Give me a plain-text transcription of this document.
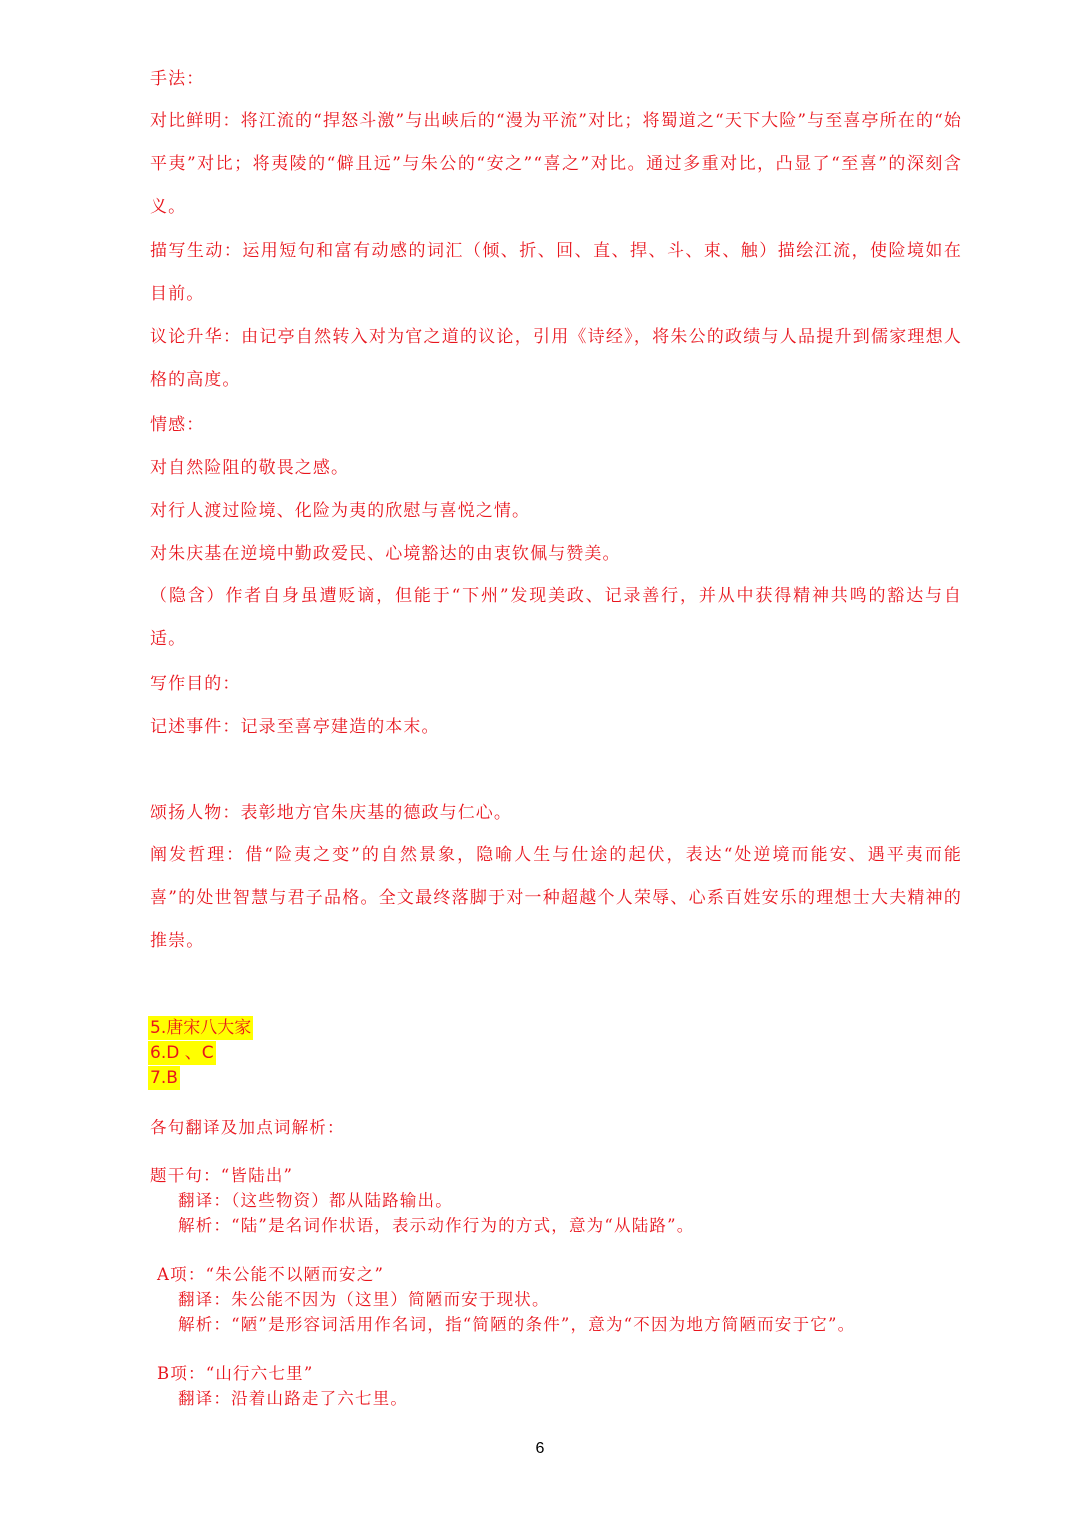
手法：
对比鲜明：将江流的“捍怒斗激”与出峡后的“漫为平流”对比；将蜀道之“天下大险”与至喜亭所在的“始平夷”对比；将夷陵的“僻且远”与朱公的“安之”“喜之”对比。通过多重对比，凸显了“至喜”的深刻含义。
描写生动：运用短句和富有动感的词汇（倾、折、回、直、捍、斗、束、触）描绘江流，使险境如在目前。
议论升华：由记亭自然转入对为官之道的议论，引用《诗经》，将朱公的政绩与人品提升到儒家理想人格的高度。
情感：
对自然险阻的敬畏之感。
对行人渡过险境、化险为夷的欣慰与喜悦之情。
对朱庆基在逆境中勤政爱民、心境豁达的由衷钦佩与赞美。
（隐含）作者自身虽遭贬谪，但能于“下州”发现美政、记录善行，并从中获得精神共鸣的豁达与自适。
写作目的：
记述事件：记录至喜亭建造的本末。
颂扬人物：表彰地方官朱庆基的德政与仁心。
阐发哲理：借“险夷之变”的自然景象，隐喻人生与仕途的起伏，表达“处逆境而能安、遇平夷而能喜”的处世智慧与君子品格。全文最终落脚于对一种超越个人荣辱、心系百姓安乐的理想士大夫精神的推崇。
5.唐宋八大家
6.D 、C
7.B
各句翻译及加点词解析：
题干句：“皆陆出”
翻译：（这些物资）都从陆路输出。
解析：“陆”是名词作状语，表示动作行为的方式，意为“从陆路”。
A项：“朱公能不以陋而安之”
翻译：朱公能不因为（这里）简陋而安于现状。
解析：“陋”是形容词活用作名词，指“简陋的条件”，意为“不因为地方简陋而安于它”。
B项：“山行六七里”
翻译：沿着山路走了六七里。
6
